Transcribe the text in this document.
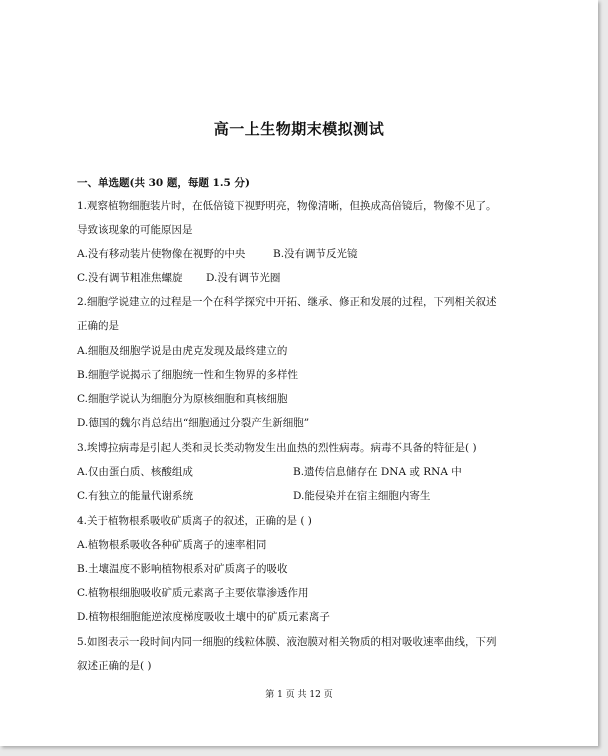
高一上生物期末模拟测试
一、单选题(共 30 题，每题 1.5 分)
1.观察植物细胞装片时，在低倍镜下视野明亮，物像清晰，但换成高倍镜后，物像不见了。
导致该现象的可能原因是
A.没有移动装片使物像在视野的中央	B.没有调节反光镜
C.没有调节粗准焦螺旋 D.没有调节光圈
2.细胞学说建立的过程是一个在科学探究中开拓、继承、修正和发展的过程，下列相关叙述
正确的是
A.细胞及细胞学说是由虎克发现及最终建立的
B.细胞学说揭示了细胞统一性和生物界的多样性
C.细胞学说认为细胞分为原核细胞和真核细胞
D.德国的魏尔肖总结出“细胞通过分裂产生新细胞”
3.埃博拉病毒是引起人类和灵长类动物发生出血热的烈性病毒。病毒不具备的特征是( )
A.仅由蛋白质、核酸组成	B.遗传信息储存在 DNA 或 RNA 中
C.有独立的能量代谢系统	D.能侵染并在宿主细胞内寄生
4.关于植物根系吸收矿质离子的叙述，正确的是 ( )
A.植物根系吸收各种矿质离子的速率相同
B.土壤温度不影响植物根系对矿质离子的吸收
C.植物根细胞吸收矿质元素离子主要依靠渗透作用
D.植物根细胞能逆浓度梯度吸收土壤中的矿质元素离子
5.如图表示一段时间内同一细胞的线粒体膜、液泡膜对相关物质的相对吸收速率曲线，下列
叙述正确的是( )
第 1 页 共 12 页
